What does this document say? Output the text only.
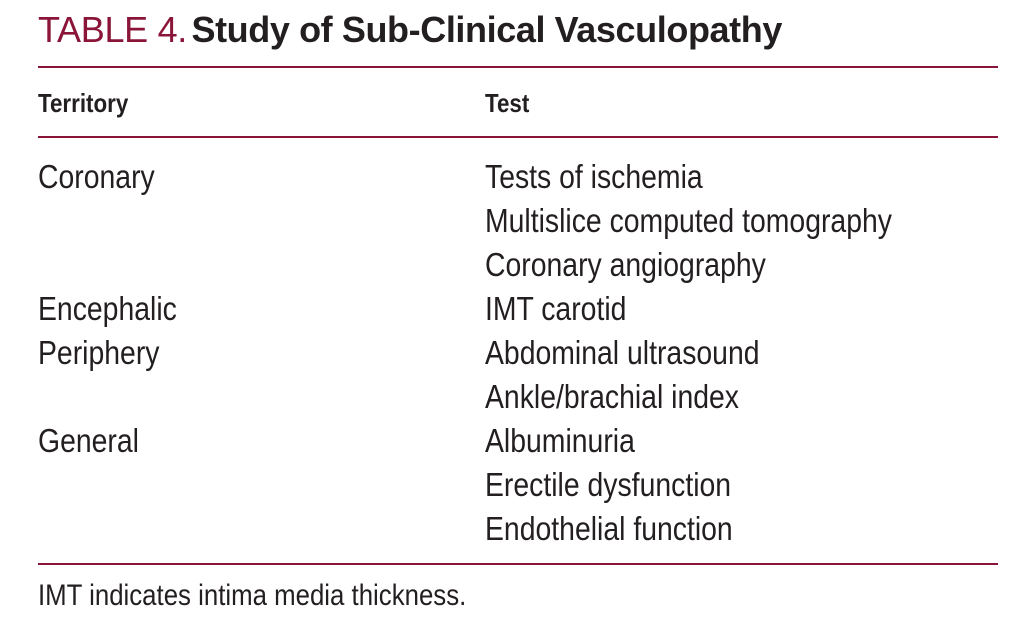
TABLE 4. Study of Sub-Clinical Vasculopathy
Territory	Test
Coronary	Tests of ischemia
Multislice computed tomography
Coronary angiography
Encephalic	IMT carotid
Periphery	Abdominal ultrasound
Ankle/brachial index
General	Albuminuria
Erectile dysfunction
Endothelial function
IMT indicates intima media thickness.
